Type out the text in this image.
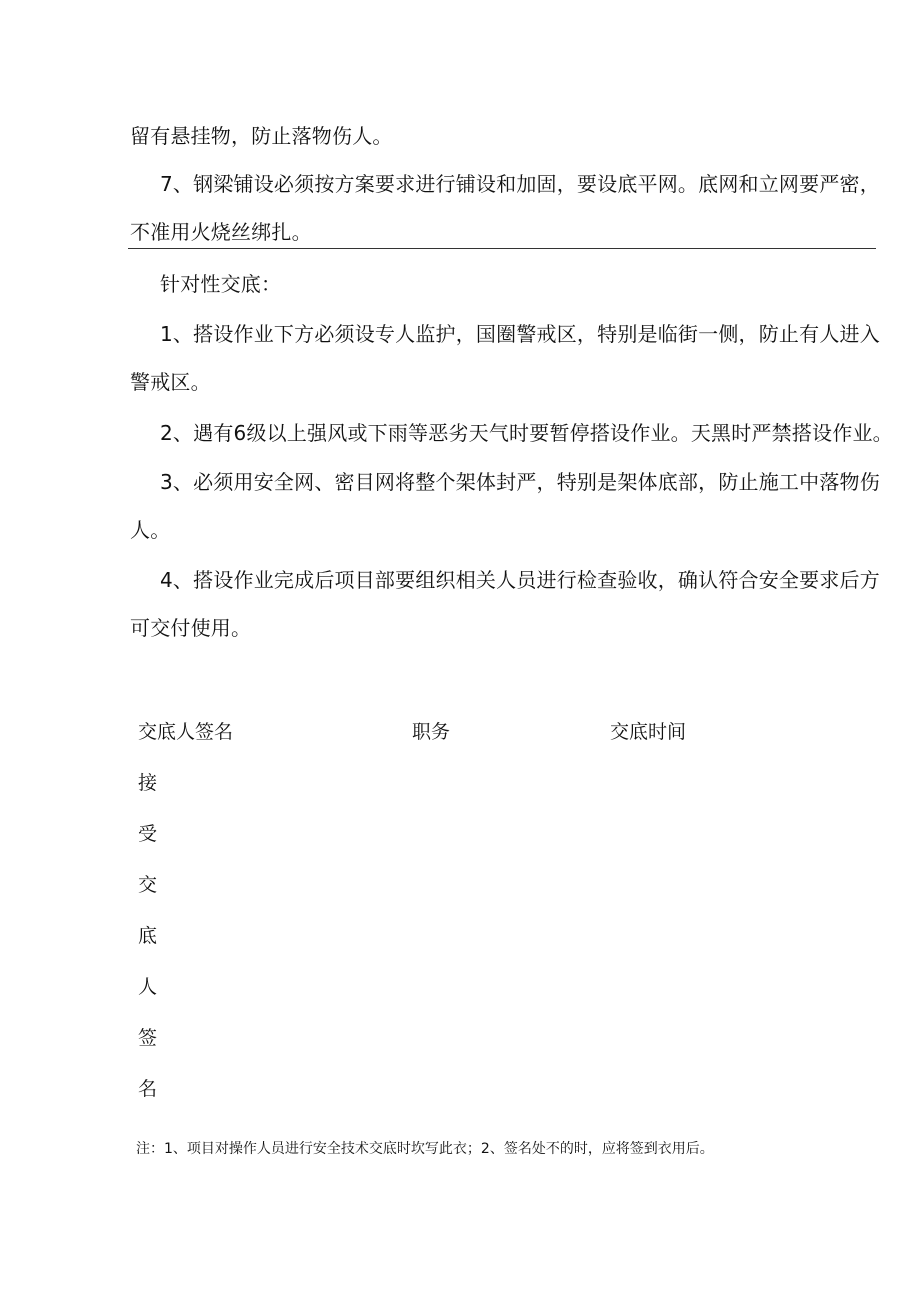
留有悬挂物，防止落物伤人。
7、钢梁铺设必须按方案要求进行铺设和加固，要设底平网。底网和立网要严密，
不准用火烧丝绑扎。
针对性交底：
1、搭设作业下方必须设专人监护，国圈警戒区，特别是临街一侧，防止有人进入
警戒区。
2、遇有6级以上强风或下雨等恶劣天气时要暂停搭设作业。天黑时严禁搭设作业。
3、必须用安全网、密目网将整个架体封严，特别是架体底部，防止施工中落物伤
人。
4、搭设作业完成后项目部要组织相关人员进行检查验收，确认符合安全要求后方
可交付使用。
交底人签名	职务	交底时间
接
受
交
底
人
签
名
注：1、项目对操作人员进行安全技术交底时坎写此衣；2、签名处不的时，应将签到衣用后。
